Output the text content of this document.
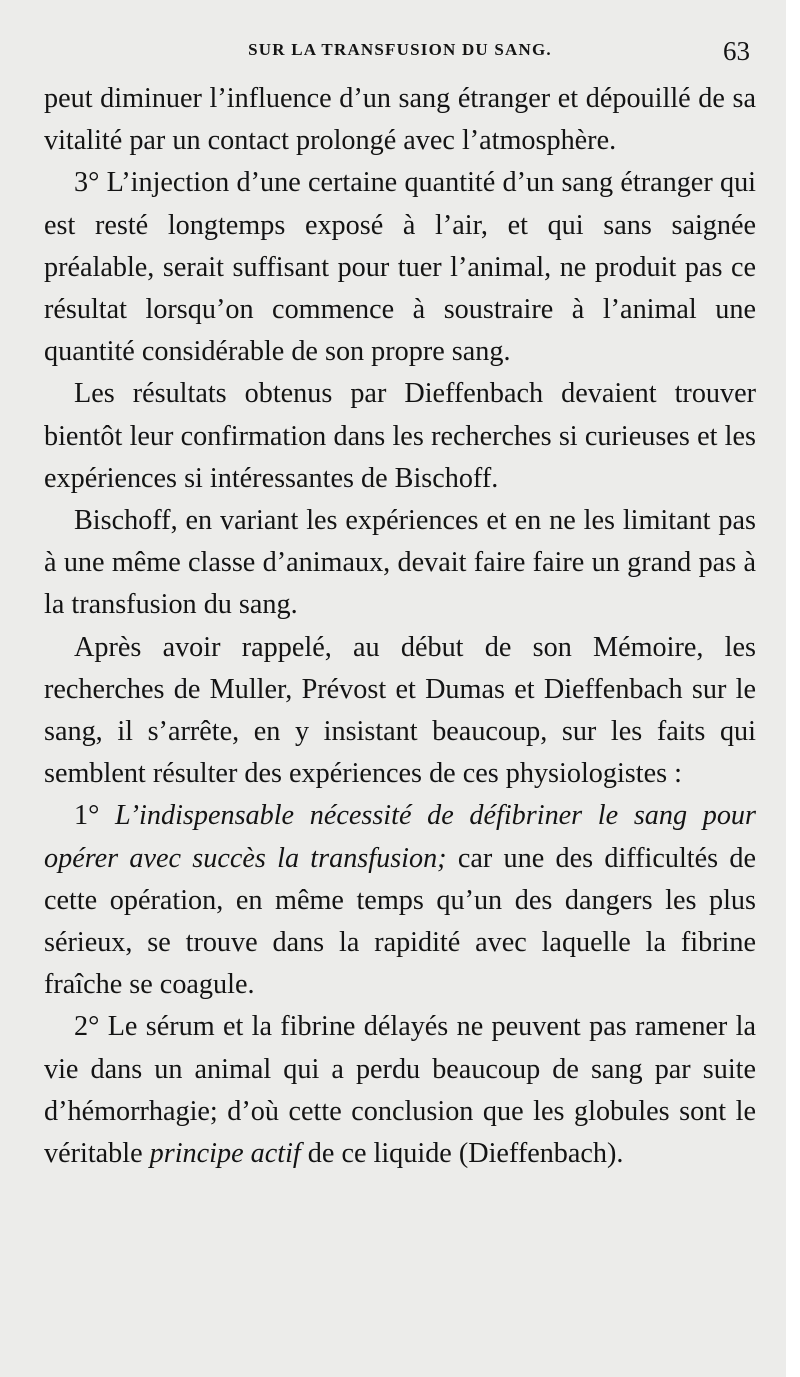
SUR LA TRANSFUSION DU SANG.	63

peut diminuer l’influence d’un sang étranger et dépouillé de sa vitalité par un contact prolongé avec l’atmosphère.

3° L’injection d’une certaine quantité d’un sang étranger qui est resté longtemps exposé à l’air, et qui sans saignée préalable, serait suffisant pour tuer l’animal, ne produit pas ce résultat lorsqu’on commence à soustraire à l’animal une quantité considérable de son propre sang.

Les résultats obtenus par Dieffenbach devaient trouver bientôt leur confirmation dans les recherches si curieuses et les expériences si intéressantes de Bischoff.

Bischoff, en variant les expériences et en ne les limitant pas à une même classe d’animaux, devait faire faire un grand pas à la transfusion du sang.

Après avoir rappelé, au début de son Mémoire, les recherches de Muller, Prévost et Dumas et Dieffenbach sur le sang, il s’arrête, en y insistant beaucoup, sur les faits qui semblent résulter des expériences de ces physiologistes :

1° L’indispensable nécessité de défibriner le sang pour opérer avec succès la transfusion; car une des difficultés de cette opération, en même temps qu’un des dangers les plus sérieux, se trouve dans la rapidité avec laquelle la fibrine fraîche se coagule.

2° Le sérum et la fibrine délayés ne peuvent pas ramener la vie dans un animal qui a perdu beaucoup de sang par suite d’hémorrhagie; d’où cette conclusion que les globules sont le véritable principe actif de ce liquide (Dieffenbach).
